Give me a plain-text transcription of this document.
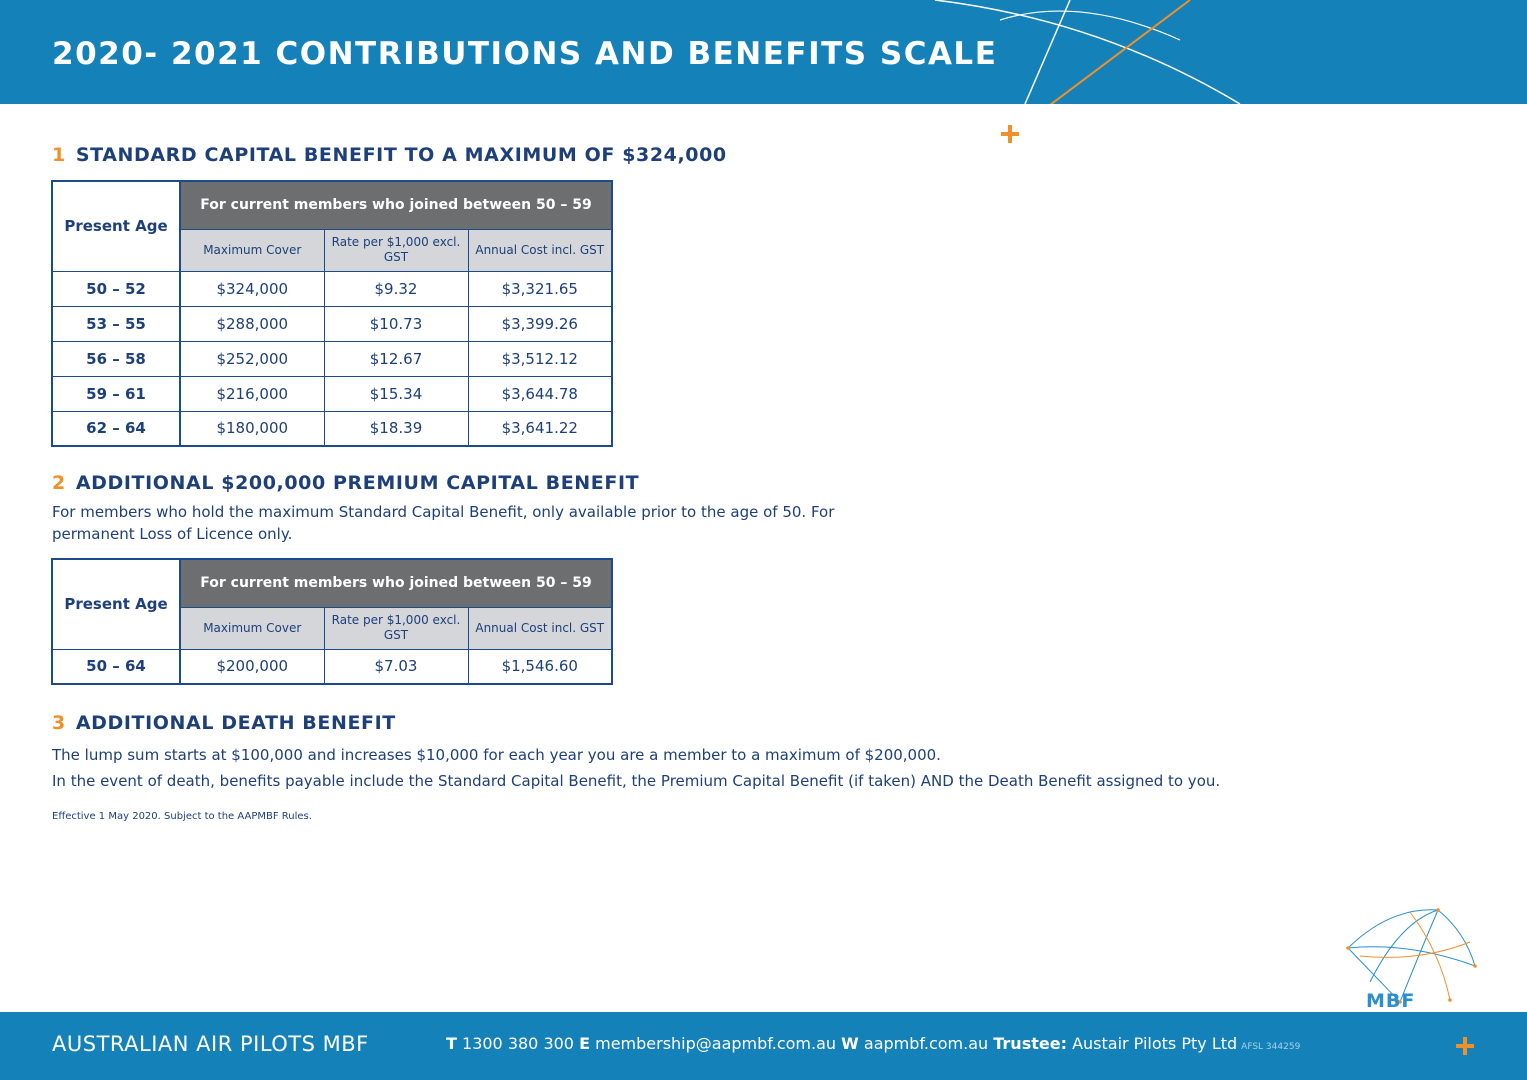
2020- 2021 CONTRIBUTIONS AND BENEFITS SCALE
1 STANDARD CAPITAL BENEFIT TO A MAXIMUM OF $324,000
Present Age	For current members who joined between 50 – 59		
	Maximum Cover	Rate per $1,000 excl. GST	Annual Cost incl. GST
50 – 52	$324,000	$9.32	$3,321.65
53 – 55	$288,000	$10.73	$3,399.26
56 – 58	$252,000	$12.67	$3,512.12
59 – 61	$216,000	$15.34	$3,644.78
62 – 64	$180,000	$18.39	$3,641.22
2 ADDITIONAL $200,000 PREMIUM CAPITAL BENEFIT
For members who hold the maximum Standard Capital Benefit, only available prior to the age of 50. For permanent Loss of Licence only.
Present Age	For current members who joined between 50 – 59		
	Maximum Cover	Rate per $1,000 excl. GST	Annual Cost incl. GST
50 – 64	$200,000	$7.03	$1,546.60
3 ADDITIONAL DEATH BENEFIT
The lump sum starts at $100,000 and increases $10,000 for each year you are a member to a maximum of $200,000.
In the event of death, benefits payable include the Standard Capital Benefit, the Premium Capital Benefit (if taken) AND the Death Benefit assigned to you.
Effective 1 May 2020. Subject to the AAPMBF Rules.
MBF
AUSTRALIAN AIR PILOTS MBF	T 1300 380 300 E membership@aapmbf.com.au W aapmbf.com.au Trustee: Austair Pilots Pty Ltd AFSL 344259
